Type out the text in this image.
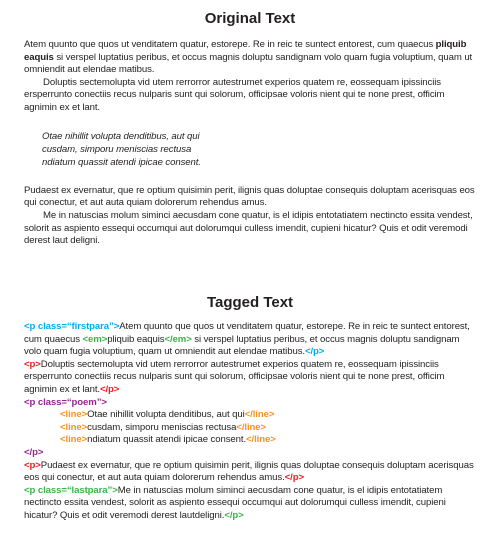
Original Text

Atem quunto que quos ut venditatem quatur, estorepe. Re in reic te suntect entorest, cum quaecus pliquib eaquis si verspel luptatius peribus, et occus magnis doluptu sandignam volo quam fugia voluptium, quam ut omniendit aut elendae matibus.

Doluptis sectemolupta vid utem rerrorror autestrumet experios quatem re, eossequam ipissinciis ersperrunto conectiis recus nulparis sunt qui solorum, officipsae voloris nient qui te none prest, officim agnimin ex et lant.

Otae nihillit volupta denditibus, aut qui
cusdam, simporu meniscias rectusa
ndiatum quassit atendi ipicae consent.

Pudaest ex evernatur, que re optium quisimin perit, ilignis quas doluptae consequis doluptam acerisquas eos qui conectur, et aut auta quiam dolorerum rehendus amus.

Me in natuscias molum siminci aecusdam cone quatur, is el idipis entotatiatem nectincto essita vendest, solorit as aspiento essequi occumqui aut dolorumqui culless imendit, cupieni hicatur? Quis et odit veremodi derest laut deligni.

Tagged Text
<p class=“firstpara”>Atem quunto que quos ut venditatem quatur, estorepe. Re in reic te suntect entorest, cum quaecus <em>pliquib eaquis</em> si verspel luptatius peribus, et occus magnis doluptu sandignam volo quam fugia voluptium, quam ut omniendit aut elendae matibus.</p>
<p>Doluptis sectemolupta vid utem rerrorror autestrumet experios quatem re, eossequam ipissinciis ersperrunto conectiis recus nulparis sunt qui solorum, officipsae voloris nient qui te none prest, officim agnimin ex et lant.</p>
<p class=“poem”>
<line>Otae nihillit volupta denditibus, aut qui</line>
<line>cusdam, simporu meniscias rectusa</line>
<line>ndiatum quassit atendi ipicae consent.</line>
</p>
<p>Pudaest ex evernatur, que re optium quisimin perit, ilignis quas doluptae consequis doluptam acerisquas eos qui conectur, et aut auta quiam dolorerum rehendus amus.</p>
<p class=“lastpara”>Me in natuscias molum siminci aecusdam cone quatur, is el idipis entotatiatem nectincto essita vendest, solorit as aspiento essequi occumqui aut dolorumqui culless imendit, cupieni hicatur? Quis et odit veremodi derest lautdeligni.</p>
